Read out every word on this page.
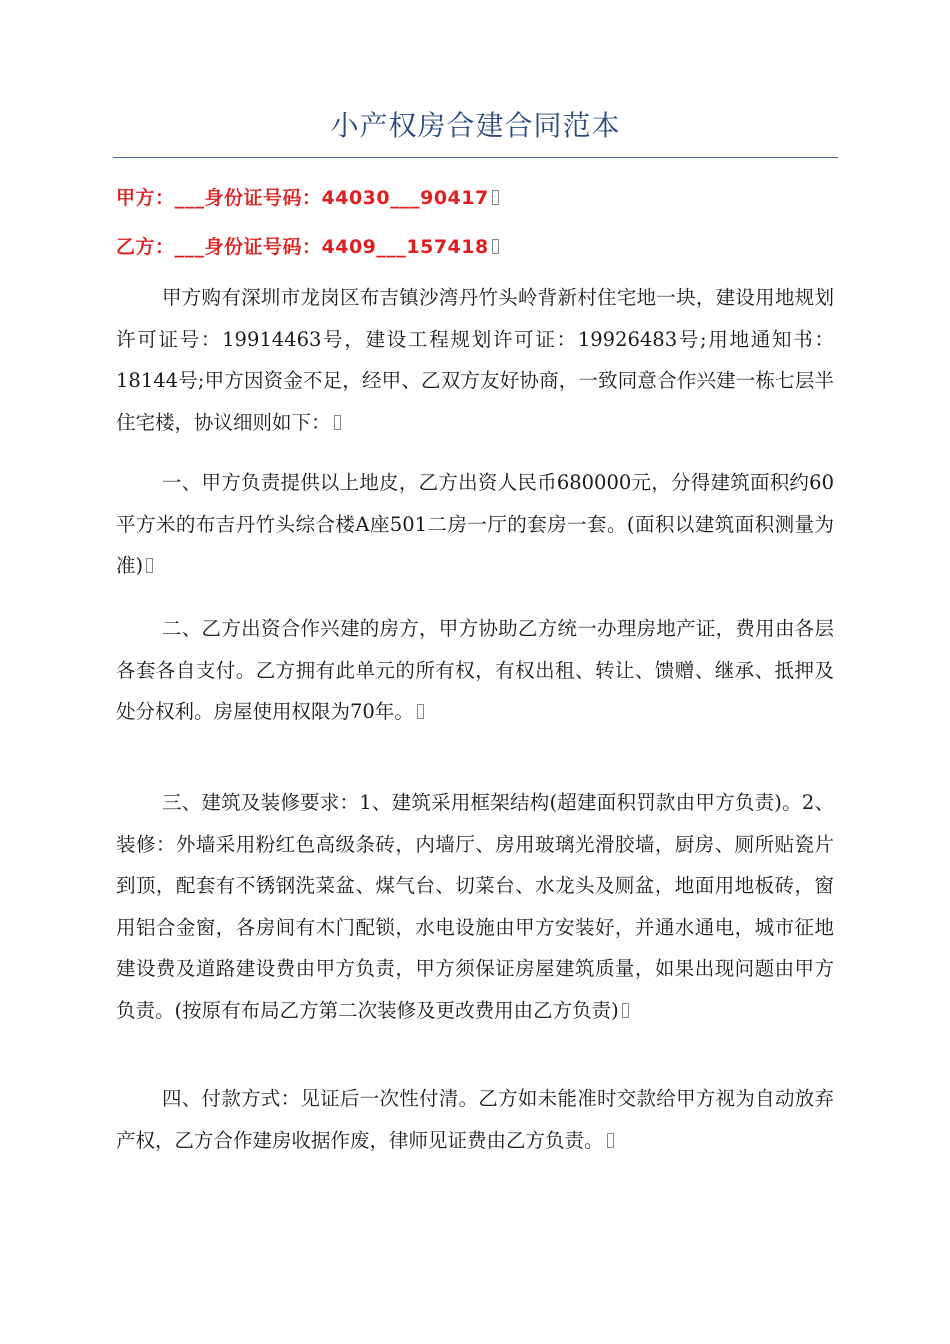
小产权房合建合同范本
甲方：___身份证号码：44030___90417
乙方：___身份证号码：4409___157418
甲方购有深圳市龙岗区布吉镇沙湾丹竹头岭背新村住宅地一块，建设用地规划许可证号：19914463号，建设工程规划许可证：19926483号;用地通知书：18144号;甲方因资金不足，经甲、乙双方友好协商，一致同意合作兴建一栋七层半住宅楼，协议细则如下：
一、甲方负责提供以上地皮，乙方出资人民币680000元，分得建筑面积约60平方米的布吉丹竹头综合楼A座501二房一厅的套房一套。(面积以建筑面积测量为准)
二、乙方出资合作兴建的房方，甲方协助乙方统一办理房地产证，费用由各层各套各自支付。乙方拥有此单元的所有权，有权出租、转让、馈赠、继承、抵押及处分权利。房屋使用权限为70年。
三、建筑及装修要求：1、建筑采用框架结构(超建面积罚款由甲方负责)。2、装修：外墙采用粉红色高级条砖，内墙厅、房用玻璃光滑胶墙，厨房、厕所贴瓷片到顶，配套有不锈钢洗菜盆、煤气台、切菜台、水龙头及厕盆，地面用地板砖，窗用铝合金窗，各房间有木门配锁，水电设施由甲方安装好，并通水通电，城市征地建设费及道路建设费由甲方负责，甲方须保证房屋建筑质量，如果出现问题由甲方负责。(按原有布局乙方第二次装修及更改费用由乙方负责)
四、付款方式：见证后一次性付清。乙方如未能准时交款给甲方视为自动放弃产权，乙方合作建房收据作废，律师见证费由乙方负责。
